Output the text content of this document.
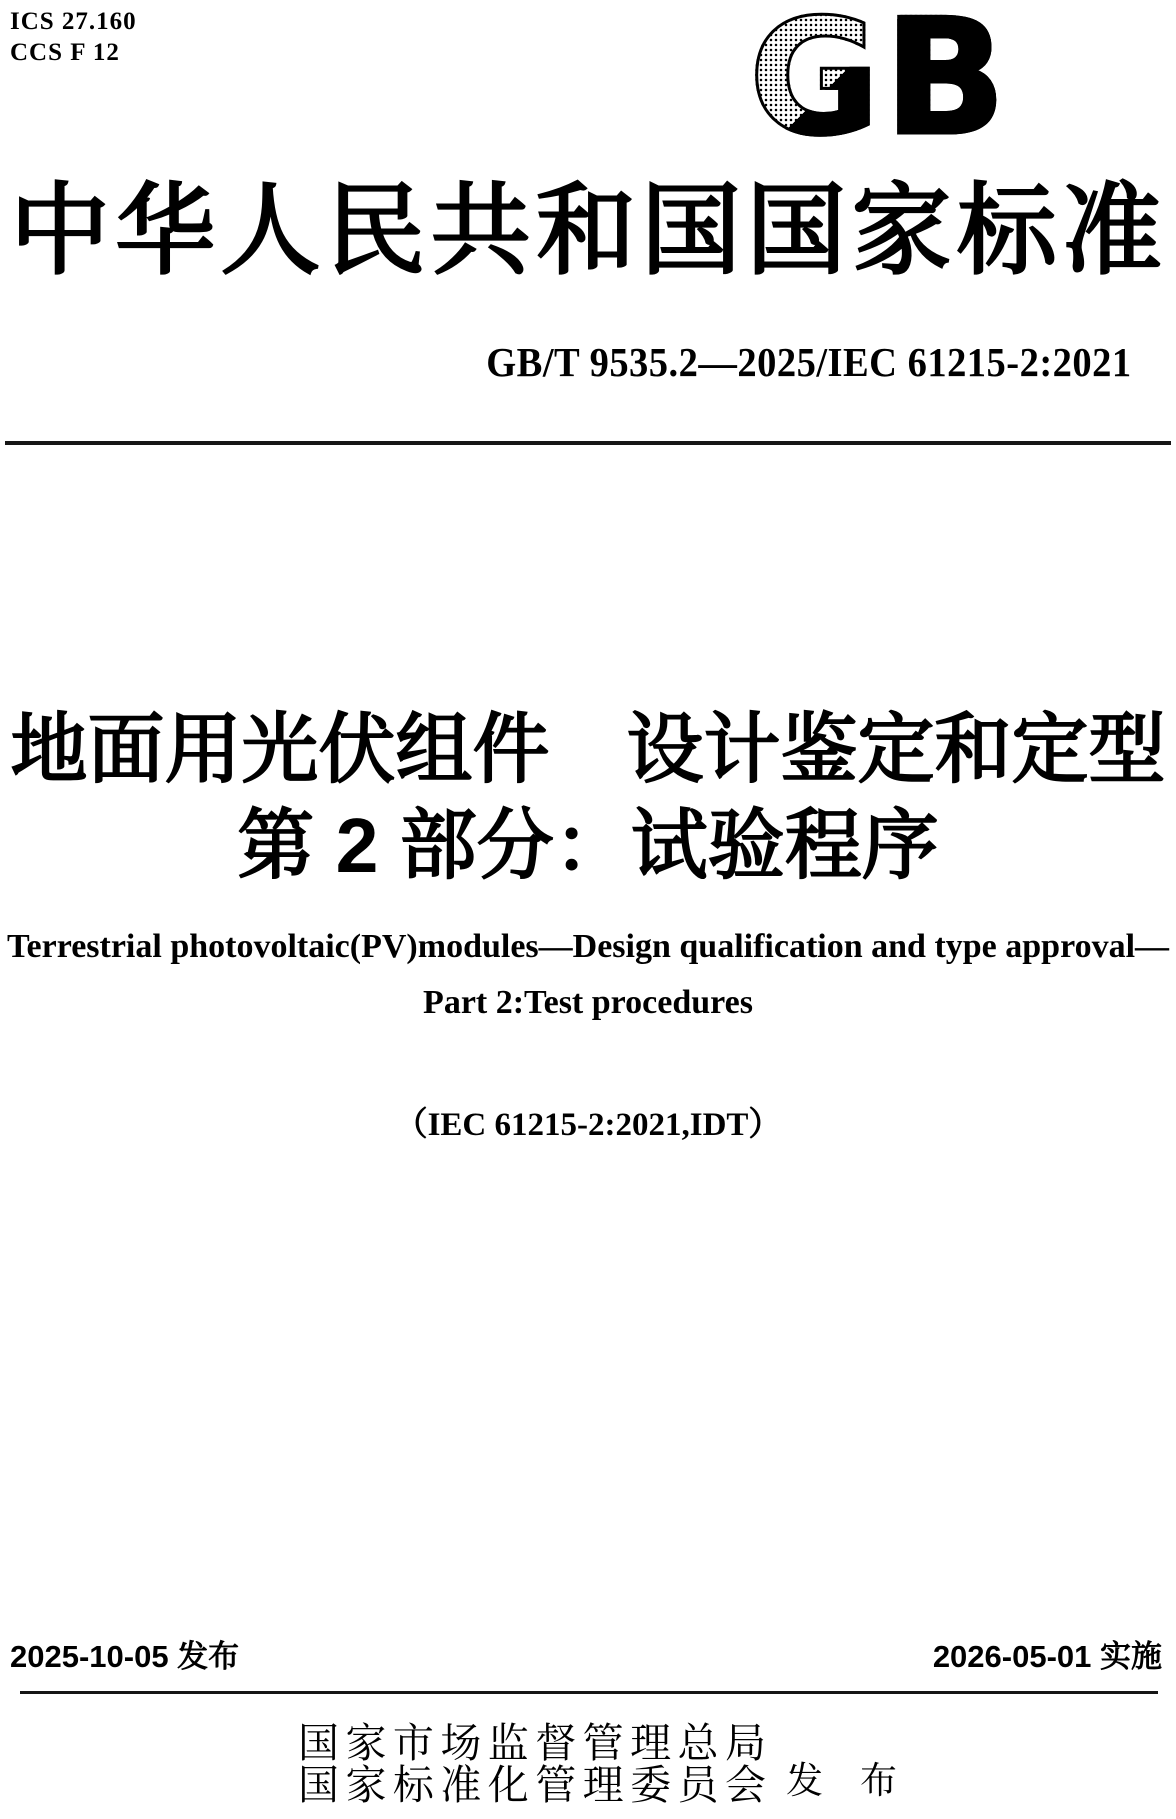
ICS 27.160
CCS F 12	GB
中 华 人 民 共 和 国 国 家 标 准
GB/T 9535.2—2025/IEC 61215-2:2021
地面用光伏组件　设计鉴定和定型
第 2 部分：试验程序
Terrestrial photovoltaic(PV)modules—Design qualification and type approval—
Part 2:Test procedures
（IEC 61215-2:2021,IDT）
2025-10-05 发布	2026-05-01 实施
国 家 市 场 监 督 管 理 总 局
国 家 标 准 化 管 理 委 员 会 发　布
